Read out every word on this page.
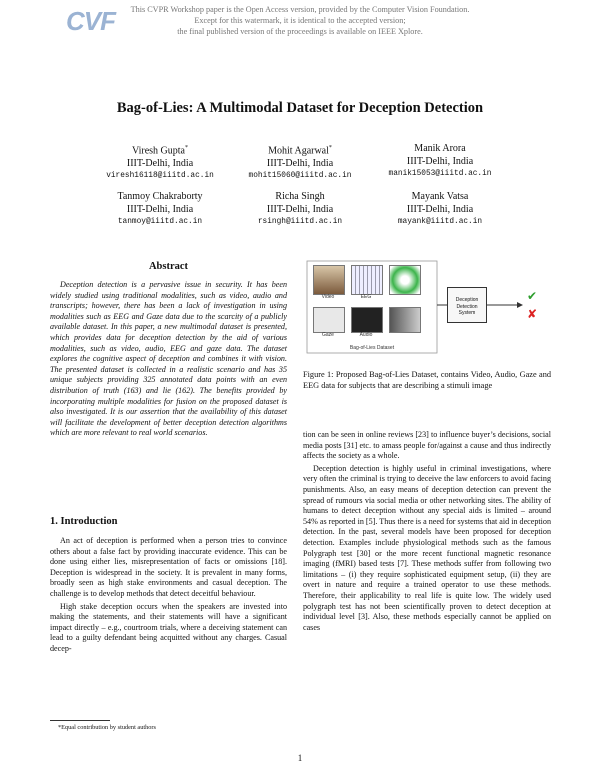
CVF	This CVPR Workshop paper is the Open Access version, provided by the Computer Vision Foundation.
Except for this watermark, it is identical to the accepted version;
the final published version of the proceedings is available on IEEE Xplore.
Bag-of-Lies: A Multimodal Dataset for Deception Detection
Viresh Gupta*
IIIT-Delhi, India
viresh16118@iiitd.ac.in
Mohit Agarwal*
IIIT-Delhi, India
mohit15060@iiitd.ac.in
Manik Arora
IIIT-Delhi, India
manik15053@iiitd.ac.in
Tanmoy Chakraborty
IIIT-Delhi, India
tanmoy@iiitd.ac.in
Richa Singh
IIIT-Delhi, India
rsingh@iiitd.ac.in
Mayank Vatsa
IIIT-Delhi, India
mayank@iiitd.ac.in
Abstract

Deception detection is a pervasive issue in security. It has been widely studied using traditional modalities, such as video, audio and transcripts; however, there has been a lack of investigation in using modalities such as EEG and Gaze data due to the scarcity of a publicly available dataset. In this paper, a new multimodal dataset is presented, which provides data for deception detection by the aid of various modalities, such as video, audio, EEG and gaze data. The dataset explores the cognitive aspect of deception and combines it with vision. The presented dataset is collected in a realistic scenario and has 35 unique subjects providing 325 annotated data points with an even distribution of truth (163) and lie (162). The benefits provided by incorporating multiple modalities for fusion on the proposed dataset is also investigated. It is our assertion that the availability of this dataset will facilitate the development of better deception detection algorithms which are more relevant to real world scenarios.

1. Introduction

An act of deception is performed when a person tries to convince others about a false fact by providing inaccurate evidence. This can be done using either lies, misrepresentation of facts or omissions [18]. Deception is widespread in the society. It is prevalent in many forms, broadly seen as high stake environments and casual deception. The challenge is to develop methods that detect deceitful behaviour.

High stake deception occurs when the speakers are invested into making the statements, and their statements will have a significant impact directly – e.g., courtroom trials, where a deceiving statement can lead to a guilty defendant being acquitted without any charges. Casual decep-

*Equal contribution by student authors
Video	EEG
Gaze	Audio
Bag-of-Lies Dataset
Deception Detection System
✔
✘

Figure 1: Proposed Bag-of-Lies Dataset, contains Video, Audio, Gaze and EEG data for subjects that are describing a stimuli image

tion can be seen in online reviews [23] to influence buyer’s decisions, social media posts [31] etc. to amass people for/against a cause and thus indirectly affects the society as a whole.

Deception detection is highly useful in criminal investigations, where very often the criminal is trying to deceive the law enforcers to avoid facing punishments. Also, an easy means of deception detection can prevent the spread of rumours via social media or other networking sites. The ability of humans to detect deception without any special aids is limited – around 54% as reported in [5]. Thus there is a need for systems that aid in deception detection. In the past, several models have been proposed for deception detection. Examples include physiological methods such as the famous Polygraph test [30] or the more recent functional magnetic resonance imaging (fMRI) based tests [7]. These methods suffer from following two limitations – (i) they require sophisticated equipment setup, (ii) they are overt in nature and require a trained operator to use these methods. Therefore, their applicability to real life is quite low. The widely used polygraph test has not been scientifically proven to detect deception at individual level [3]. Also, these methods especially cannot be applied on cases

1
